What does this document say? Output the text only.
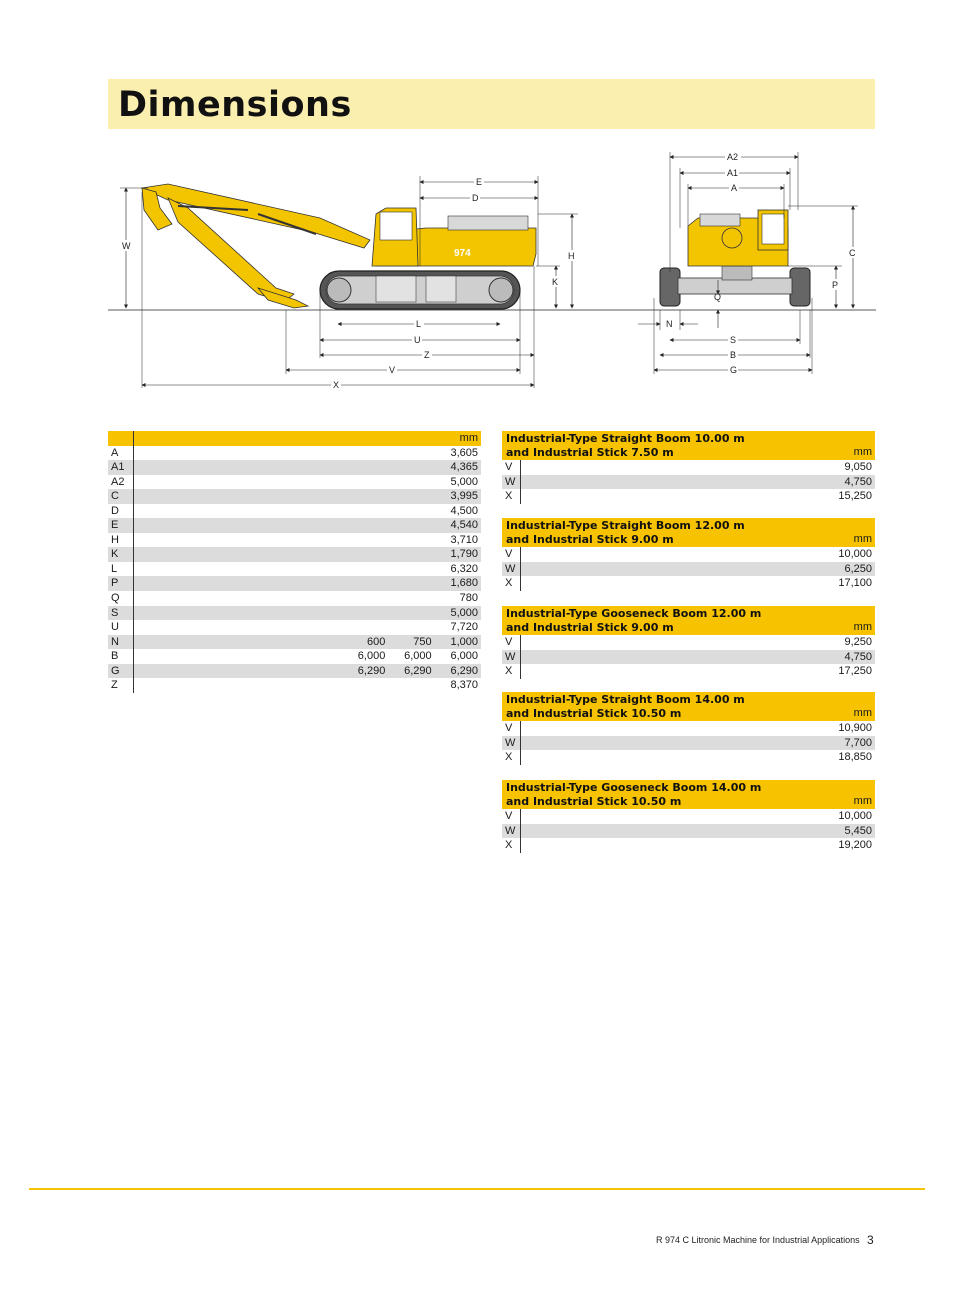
Dimensions
974
E
D
W
H
K
L
U
Z
V
X
A2
A1
A
C
P
Q
N
S
B
G
			mm
A			3,605
A1			4,365
A2			5,000
C			3,995
D			4,500
E			4,540
H			3,710
K			1,790
L			6,320
P			1,680
Q			780
S			5,000
U			7,720
N	600	750	1,000
B	6,000	6,000	6,000
G	6,290	6,290	6,290
Z			8,370
Industrial-Type Straight Boom 10.00 m
and Industrial Stick 7.50 m	mm
V	9,050
W	4,750
X	15,250
Industrial-Type Straight Boom 12.00 m
and Industrial Stick 9.00 m	mm
V	10,000
W	6,250
X	17,100
Industrial-Type Gooseneck Boom 12.00 m
and Industrial Stick 9.00 m	mm
V	9,250
W	4,750
X	17,250
Industrial-Type Straight Boom 14.00 m
and Industrial Stick 10.50 m	mm
V	10,900
W	7,700
X	18,850
Industrial-Type Gooseneck Boom 14.00 m
and Industrial Stick 10.50 m	mm
V	10,000
W	5,450
X	19,200
R 974 C Litronic Machine for Industrial Applications 3
